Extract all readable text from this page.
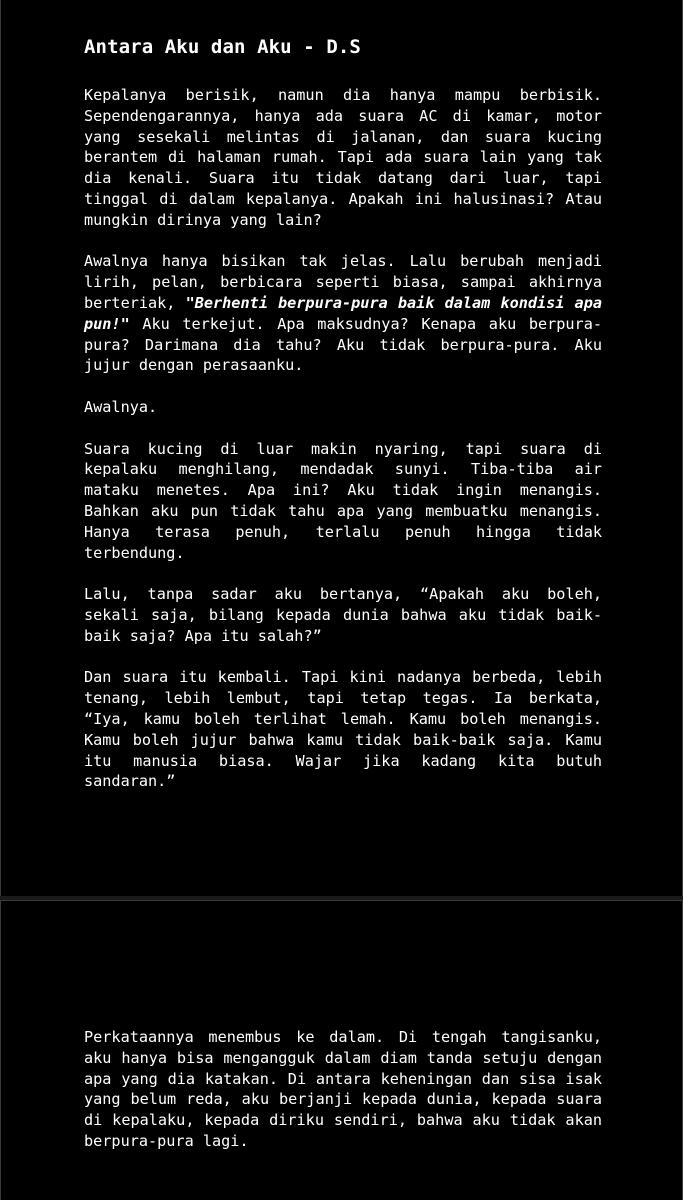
Antara Aku dan Aku - D.S

Kepalanya berisik, namun dia hanya mampu berbisik. Sependengarannya, hanya ada suara AC di kamar, motor yang sesekali melintas di jalanan, dan suara kucing berantem di halaman rumah. Tapi ada suara lain yang tak dia kenali. Suara itu tidak datang dari luar, tapi tinggal di dalam kepalanya. Apakah ini halusinasi? Atau mungkin dirinya yang lain?

Awalnya hanya bisikan tak jelas. Lalu berubah menjadi lirih, pelan, berbicara seperti biasa, sampai akhirnya berteriak, "Berhenti berpura-pura baik dalam kondisi apa pun!" Aku terkejut. Apa maksudnya? Kenapa aku berpura-pura? Darimana dia tahu? Aku tidak berpura-pura. Aku jujur dengan perasaanku.

Awalnya.

Suara kucing di luar makin nyaring, tapi suara di kepalaku menghilang, mendadak sunyi. Tiba-tiba air mataku menetes. Apa ini? Aku tidak ingin menangis. Bahkan aku pun tidak tahu apa yang membuatku menangis. Hanya terasa penuh, terlalu penuh hingga tidak terbendung.

Lalu, tanpa sadar aku bertanya, “Apakah aku boleh, sekali saja, bilang kepada dunia bahwa aku tidak baik-baik saja? Apa itu salah?”

Dan suara itu kembali. Tapi kini nadanya berbeda, lebih tenang, lebih lembut, tapi tetap tegas. Ia berkata, “Iya, kamu boleh terlihat lemah. Kamu boleh menangis. Kamu boleh jujur bahwa kamu tidak baik-baik saja. Kamu itu manusia biasa. Wajar jika kadang kita butuh sandaran.”

Perkataannya menembus ke dalam. Di tengah tangisanku, aku hanya bisa mengangguk dalam diam tanda setuju dengan apa yang dia katakan. Di antara keheningan dan sisa isak yang belum reda, aku berjanji kepada dunia, kepada suara di kepalaku, kepada diriku sendiri, bahwa aku tidak akan berpura-pura lagi.
